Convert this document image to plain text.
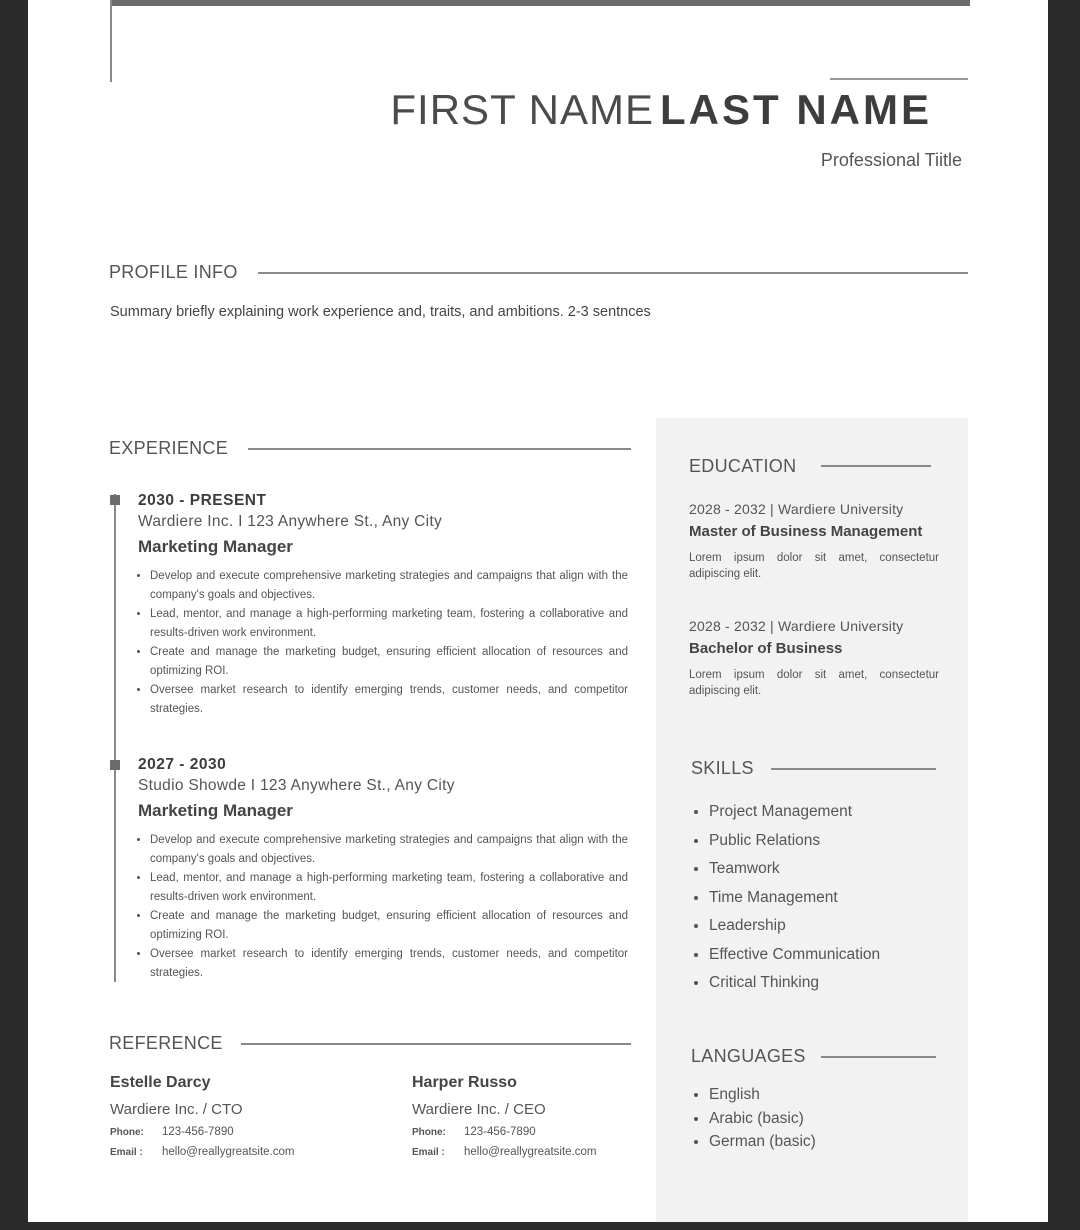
FIRST NAME LAST NAME
Professional Tiitle
PROFILE INFO
Summary briefly explaining work experience and, traits, and ambitions. 2-3 sentnces
EXPERIENCE
2030 - PRESENT
Wardiere Inc. I 123 Anywhere St., Any City
Marketing Manager
• Develop and execute comprehensive marketing strategies and campaigns that align with the company's goals and objectives.
• Lead, mentor, and manage a high-performing marketing team, fostering a collaborative and results-driven work environment.
• Create and manage the marketing budget, ensuring efficient allocation of resources and optimizing ROI.
• Oversee market research to identify emerging trends, customer needs, and competitor strategies.
2027 - 2030
Studio Showde I 123 Anywhere St., Any City
Marketing Manager
• Develop and execute comprehensive marketing strategies and campaigns that align with the company's goals and objectives.
• Lead, mentor, and manage a high-performing marketing team, fostering a collaborative and results-driven work environment.
• Create and manage the marketing budget, ensuring efficient allocation of resources and optimizing ROI.
• Oversee market research to identify emerging trends, customer needs, and competitor strategies.
REFERENCE
Estelle Darcy
Wardiere Inc. / CTO
Phone: 123-456-7890
Email : hello@reallygreatsite.com
Harper Russo
Wardiere Inc. / CEO
Phone: 123-456-7890
Email : hello@reallygreatsite.com
EDUCATION
2028 - 2032 | Wardiere University
Master of Business Management
Lorem ipsum dolor sit amet, consectetur adipiscing elit.
2028 - 2032 | Wardiere University
Bachelor of Business
Lorem ipsum dolor sit amet, consectetur adipiscing elit.
SKILLS
• Project Management
• Public Relations
• Teamwork
• Time Management
• Leadership
• Effective Communication
• Critical Thinking
LANGUAGES
• English
• Arabic (basic)
• German (basic)
